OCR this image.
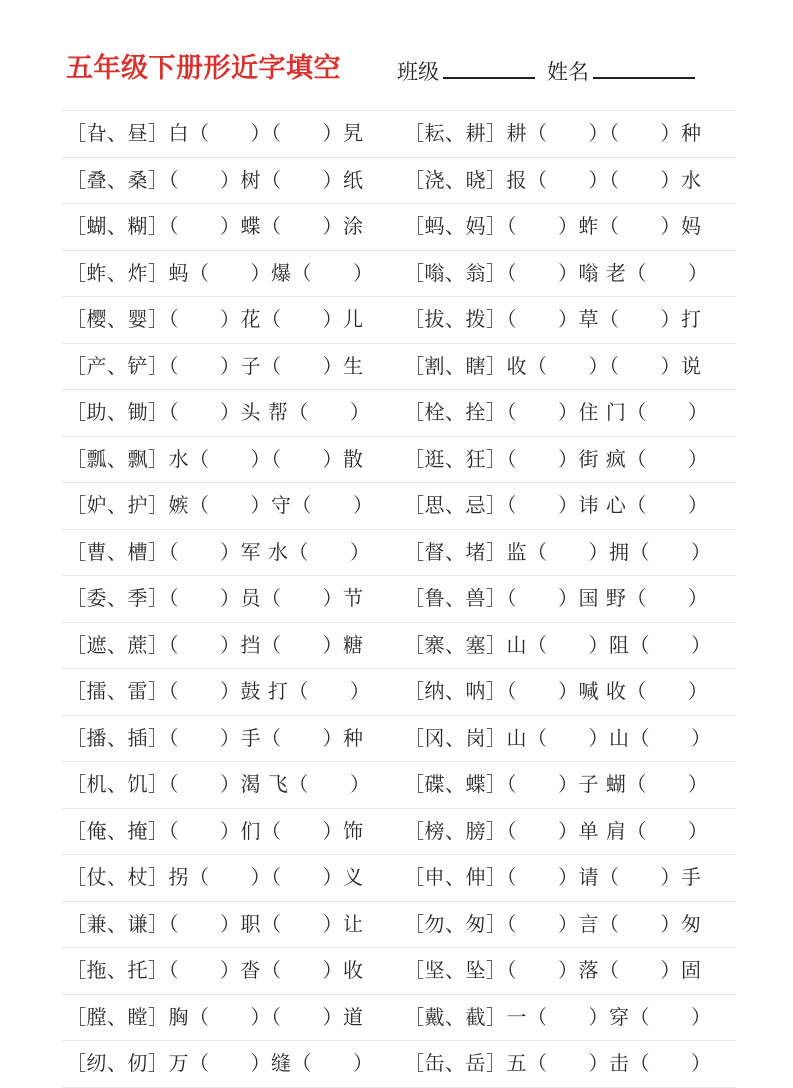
五年级下册形近字填空	班级	姓名
［旮、昼］白（　　）（　　）旯 ［耘、耕］耕（　　）（　　）种
［叠、桑］（　　）树（　　）纸 ［浇、晓］报（　　）（　　）水
［蝴、糊］（　　）蝶（　　）涂 ［蚂、妈］（　　）蚱（　　）妈
［蚱、炸］蚂（　　）爆（　　） ［嗡、翁］（　　）嗡 老（　　）
［樱、婴］（　　）花（　　）儿 ［拔、拨］（　　）草（　　）打
［产、铲］（　　）子（　　）生 ［割、瞎］收（　　）（　　）说
［助、锄］（　　）头 帮（　　） ［栓、拴］（　　）住 门（　　）
［瓢、飘］水（　　）（　　）散 ［逛、狂］（　　）街 疯（　　）
［妒、护］嫉（　　）守（　　） ［思、忌］（　　）讳 心（　　）
［曹、槽］（　　）军 水（　　） ［督、堵］监（　　）拥（　　）
［委、季］（　　）员（　　）节 ［鲁、兽］（　　）国 野（　　）
［遮、蔗］（　　）挡（　　）糖 ［寨、塞］山（　　）阻（　　）
［擂、雷］（　　）鼓 打（　　） ［纳、呐］（　　）喊 收（　　）
［播、插］（　　）手（　　）种 ［冈、岗］山（　　）山（　　）
［机、饥］（　　）渴 飞（　　） ［碟、蝶］（　　）子 蝴（　　）
［俺、掩］（　　）们（　　）饰 ［榜、膀］（　　）单 肩（　　）
［仗、杖］拐（　　）（　　）义 ［申、伸］（　　）请（　　）手
［兼、谦］（　　）职（　　）让 ［勿、匆］（　　）言（　　）匆
［拖、托］（　　）沓（　　）收 ［坚、坠］（　　）落（　　）固
［膛、瞠］胸（　　）（　　）道 ［戴、截］一（　　）穿（　　）
［纫、仞］万（　　）缝（　　） ［缶、岳］五（　　）击（　　）
